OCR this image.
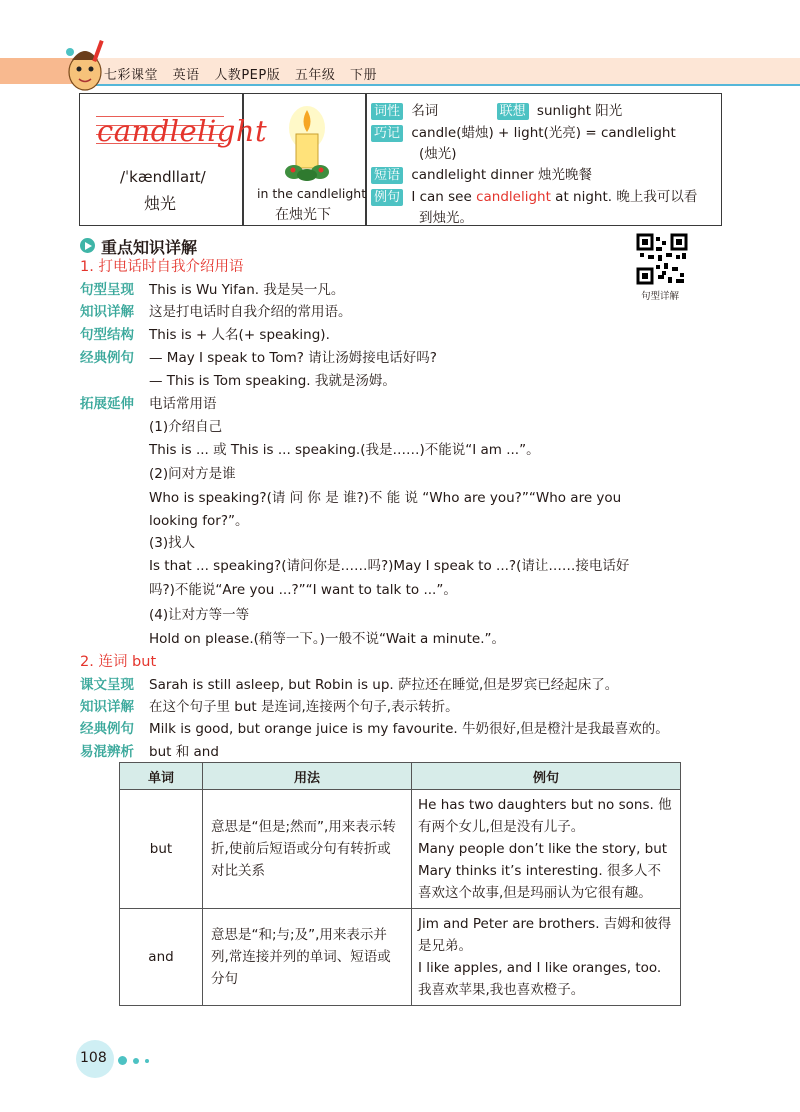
七彩课堂 英语 人教PEP版 五年级 下册
candlelight
/ˈkændllaɪt/
烛光
in the candlelight
在烛光下
词性 名词	联想 sunlight 阳光
巧记 candle(蜡烛) + light(光亮) = candlelight
(烛光)
短语 candlelight dinner 烛光晚餐
例句 I can see candlelight at night. 晚上我可以看
到烛光。
重点知识详解
句型详解
1. 打电话时自我介绍用语
句型呈现 This is Wu Yifan. 我是吴一凡。
知识详解 这是打电话时自我介绍的常用语。
句型结构 This is + 人名(+ speaking).
经典例句 — May I speak to Tom? 请让汤姆接电话好吗?
— This is Tom speaking. 我就是汤姆。
拓展延伸 电话常用语
(1)介绍自己
This is ... 或 This is ... speaking.(我是……)不能说“I am ...”。
(2)问对方是谁
Who is speaking?(请 问 你 是 谁?)不 能 说 “Who are you?”“Who are you
looking for?”。
(3)找人
Is that ... speaking?(请问你是……吗?)May I speak to ...?(请让……接电话好
吗?)不能说“Are you ...?”“I want to talk to ...”。
(4)让对方等一等
Hold on please.(稍等一下。)一般不说“Wait a minute.”。
2. 连词 but
课文呈现 Sarah is still asleep, but Robin is up. 萨拉还在睡觉,但是罗宾已经起床了。
知识详解 在这个句子里 but 是连词,连接两个句子,表示转折。
经典例句 Milk is good, but orange juice is my favourite. 牛奶很好,但是橙汁是我最喜欢的。
易混辨析 but 和 and
单词	用法	例句
but	意思是“但是;然而”,用来表示转折,使前后短语或分句有转折或对比关系	He has two daughters but no sons. 他有两个女儿,但是没有儿子。
Many people don’t like the story, but Mary thinks it’s interesting. 很多人不喜欢这个故事,但是玛丽认为它很有趣。

and	意思是“和;与;及”,用来表示并列,常连接并列的单词、短语或分句	Jim and Peter are brothers. 吉姆和彼得是兄弟。
I like apples, and I like oranges, too. 我喜欢苹果,我也喜欢橙子。
108
